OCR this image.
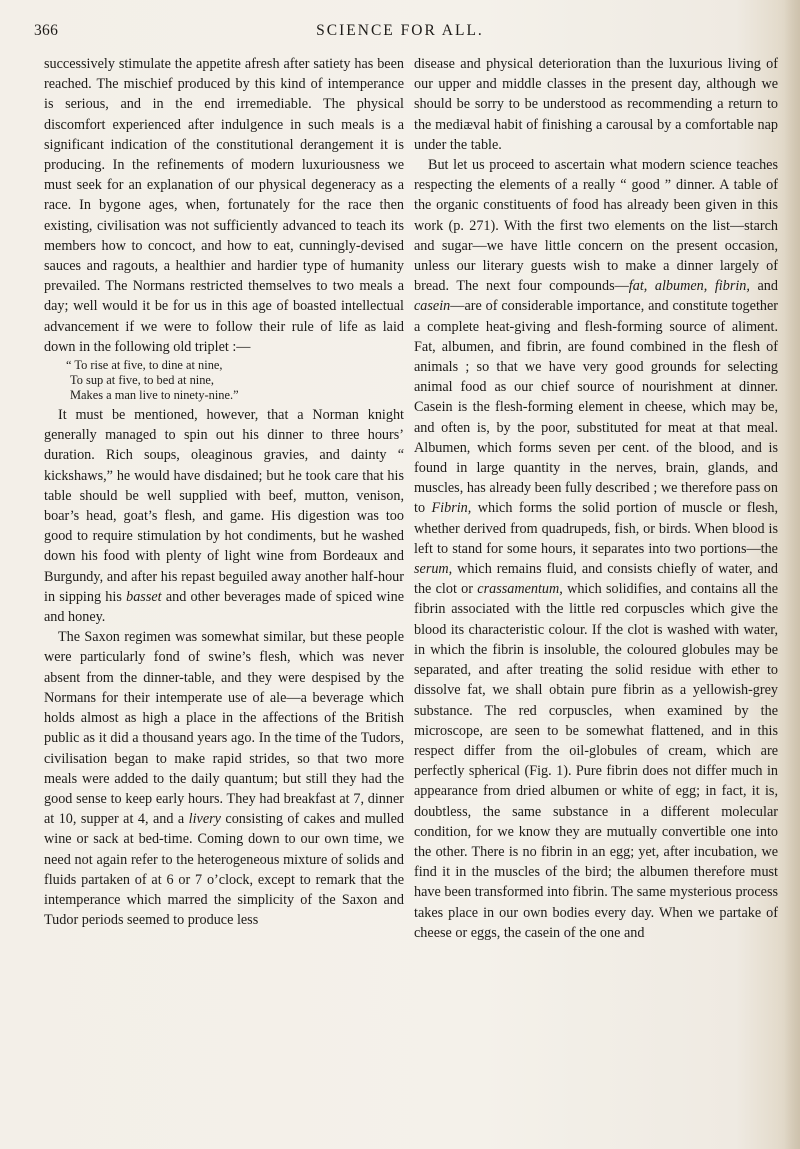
366	SCIENCE FOR ALL.

successively stimulate the appetite afresh after satiety has been reached. The mischief produced by this kind of intemperance is serious, and in the end irremediable. The physical discomfort experienced after indulgence in such meals is a significant indication of the constitutional derangement it is producing. In the refinements of modern luxuriousness we must seek for an explanation of our physical degeneracy as a race. In bygone ages, when, fortunately for the race then existing, civilisation was not sufficiently advanced to teach its members how to concoct, and how to eat, cunningly-devised sauces and ragouts, a healthier and hardier type of humanity prevailed. The Normans restricted themselves to two meals a day; well would it be for us in this age of boasted intellectual advancement if we were to follow their rule of life as laid down in the following old triplet :—

“ To rise at five, to dine at nine,
To sup at five, to bed at nine,
Makes a man live to ninety-nine.”

It must be mentioned, however, that a Norman knight generally managed to spin out his dinner to three hours’ duration. Rich soups, oleaginous gravies, and dainty “ kickshaws,” he would have disdained; but he took care that his table should be well supplied with beef, mutton, venison, boar’s head, goat’s flesh, and game. His digestion was too good to require stimulation by hot condiments, but he washed down his food with plenty of light wine from Bordeaux and Burgundy, and after his repast beguiled away another half-hour in sipping his basset and other beverages made of spiced wine and honey.

The Saxon regimen was somewhat similar, but these people were particularly fond of swine’s flesh, which was never absent from the dinner-table, and they were despised by the Normans for their intemperate use of ale—a beverage which holds almost as high a place in the affections of the British public as it did a thousand years ago. In the time of the Tudors, civilisation began to make rapid strides, so that two more meals were added to the daily quantum; but still they had the good sense to keep early hours. They had breakfast at 7, dinner at 10, supper at 4, and a livery consisting of cakes and mulled wine or sack at bed-time. Coming down to our own time, we need not again refer to the heterogeneous mixture of solids and fluids partaken of at 6 or 7 o’clock, except to remark that the intemperance which marred the simplicity of the Saxon and Tudor periods seemed to produce less

disease and physical deterioration than the luxurious living of our upper and middle classes in the present day, although we should be sorry to be understood as recommending a return to the mediæval habit of finishing a carousal by a comfortable nap under the table.

But let us proceed to ascertain what modern science teaches respecting the elements of a really “ good ” dinner. A table of the organic constituents of food has already been given in this work (p. 271). With the first two elements on the list—starch and sugar—we have little concern on the present occasion, unless our literary guests wish to make a dinner largely of bread. The next four compounds—fat, albumen, fibrin, and casein—are of considerable importance, and constitute together a complete heat-giving and flesh-forming source of aliment. Fat, albumen, and fibrin, are found combined in the flesh of animals ; so that we have very good grounds for selecting animal food as our chief source of nourishment at dinner. Casein is the flesh-forming element in cheese, which may be, and often is, by the poor, substituted for meat at that meal. Albumen, which forms seven per cent. of the blood, and is found in large quantity in the nerves, brain, glands, and muscles, has already been fully described ; we therefore pass on to Fibrin, which forms the solid portion of muscle or flesh, whether derived from quadrupeds, fish, or birds. When blood is left to stand for some hours, it separates into two portions—the serum, which remains fluid, and consists chiefly of water, and the clot or crassamentum, which solidifies, and contains all the fibrin associated with the little red corpuscles which give the blood its characteristic colour. If the clot is washed with water, in which the fibrin is insoluble, the coloured globules may be separated, and after treating the solid residue with ether to dissolve fat, we shall obtain pure fibrin as a yellowish-grey substance. The red corpuscles, when examined by the microscope, are seen to be somewhat flattened, and in this respect differ from the oil-globules of cream, which are perfectly spherical (Fig. 1). Pure fibrin does not differ much in appearance from dried albumen or white of egg; in fact, it is, doubtless, the same substance in a different molecular condition, for we know they are mutually convertible one into the other. There is no fibrin in an egg; yet, after incubation, we find it in the muscles of the bird; the albumen therefore must have been transformed into fibrin. The same mysterious process takes place in our own bodies every day. When we partake of cheese or eggs, the casein of the one and
